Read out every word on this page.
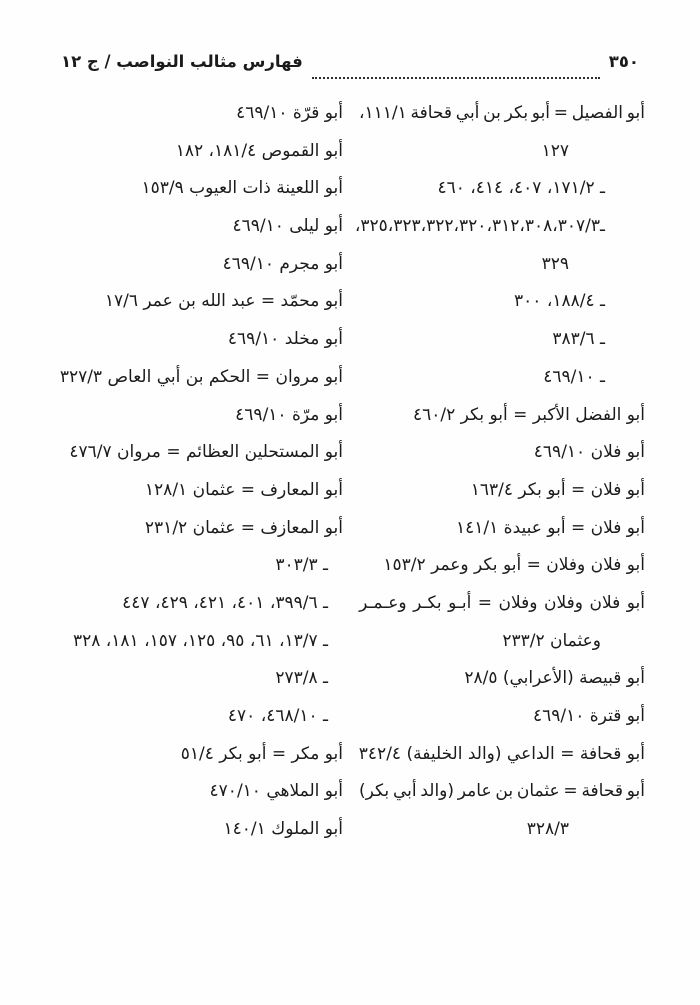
٣٥٠
فهارس مثالب النواصب / ج ١٢
أبو
الفصيل
=
أبو
بكر
بن
أبي
قحافة
١١١/١،
١٢٧
ـ ١٧١/٢، ٤٠٧، ٤١٤، ٤٦٠
ـ
٣٠٧/٣،
٣٠٨،
٣١٢،
٣٢٠،
٣٢٢،
٣٢٣،
٣٢٥،
٣٢٩
ـ ١٨٨/٤، ٣٠٠
ـ ٣٨٣/٦
ـ ٤٦٩/١٠
أبو الفضل الأكبر = أبو بكر ٤٦٠/٢
أبو فلان ٤٦٩/١٠
أبو فلان = أبو بكر ١٦٣/٤
أبو فلان = أبو عبيدة ١٤١/١
أبو فلان وفلان = أبو بكر وعمر ١٥٣/٢
أبو
فلان
وفلان
وفلان
=
أبـو
بكـر
وعـمـر
وعثمان ٢٣٣/٢
أبو قبيصة (الأعرابي) ٢٨/٥
أبو قترة ٤٦٩/١٠
أبو قحافة = الداعي (والد الخليفة) ٣٤٢/٤
أبو
قحافة
=
عثمان
بن
عامر
(والد
أبي
بكر)
٣٢٨/٣
أبو قرّة ٤٦٩/١٠
أبو القموص ١٨١/٤، ١٨٢
أبو اللعينة ذات العيوب ١٥٣/٩
أبو ليلى ٤٦٩/١٠
أبو مجرم ٤٦٩/١٠
أبو محمّد = عبد الله بن عمر ١٧/٦
أبو مخلد ٤٦٩/١٠
أبو مروان = الحكم بن أبي العاص ٣٢٧/٣
أبو مرّة ٤٦٩/١٠
أبو المستحلين العظائم = مروان ٤٧٦/٧
أبو المعارف = عثمان ١٢٨/١
أبو المعازف = عثمان ٢٣١/٢
ـ ٣٠٣/٣
ـ ٣٩٩/٦، ٤٠١، ٤٢١، ٤٢٩، ٤٤٧
ـ ١٣/٧، ٦١، ٩٥، ١٢٥، ١٥٧، ١٨١، ٣٢٨
ـ ٢٧٣/٨
ـ ٤٦٨/١٠، ٤٧٠
أبو مكر = أبو بكر ٥١/٤
أبو الملاهي ٤٧٠/١٠
أبو الملوك ١٤٠/١
